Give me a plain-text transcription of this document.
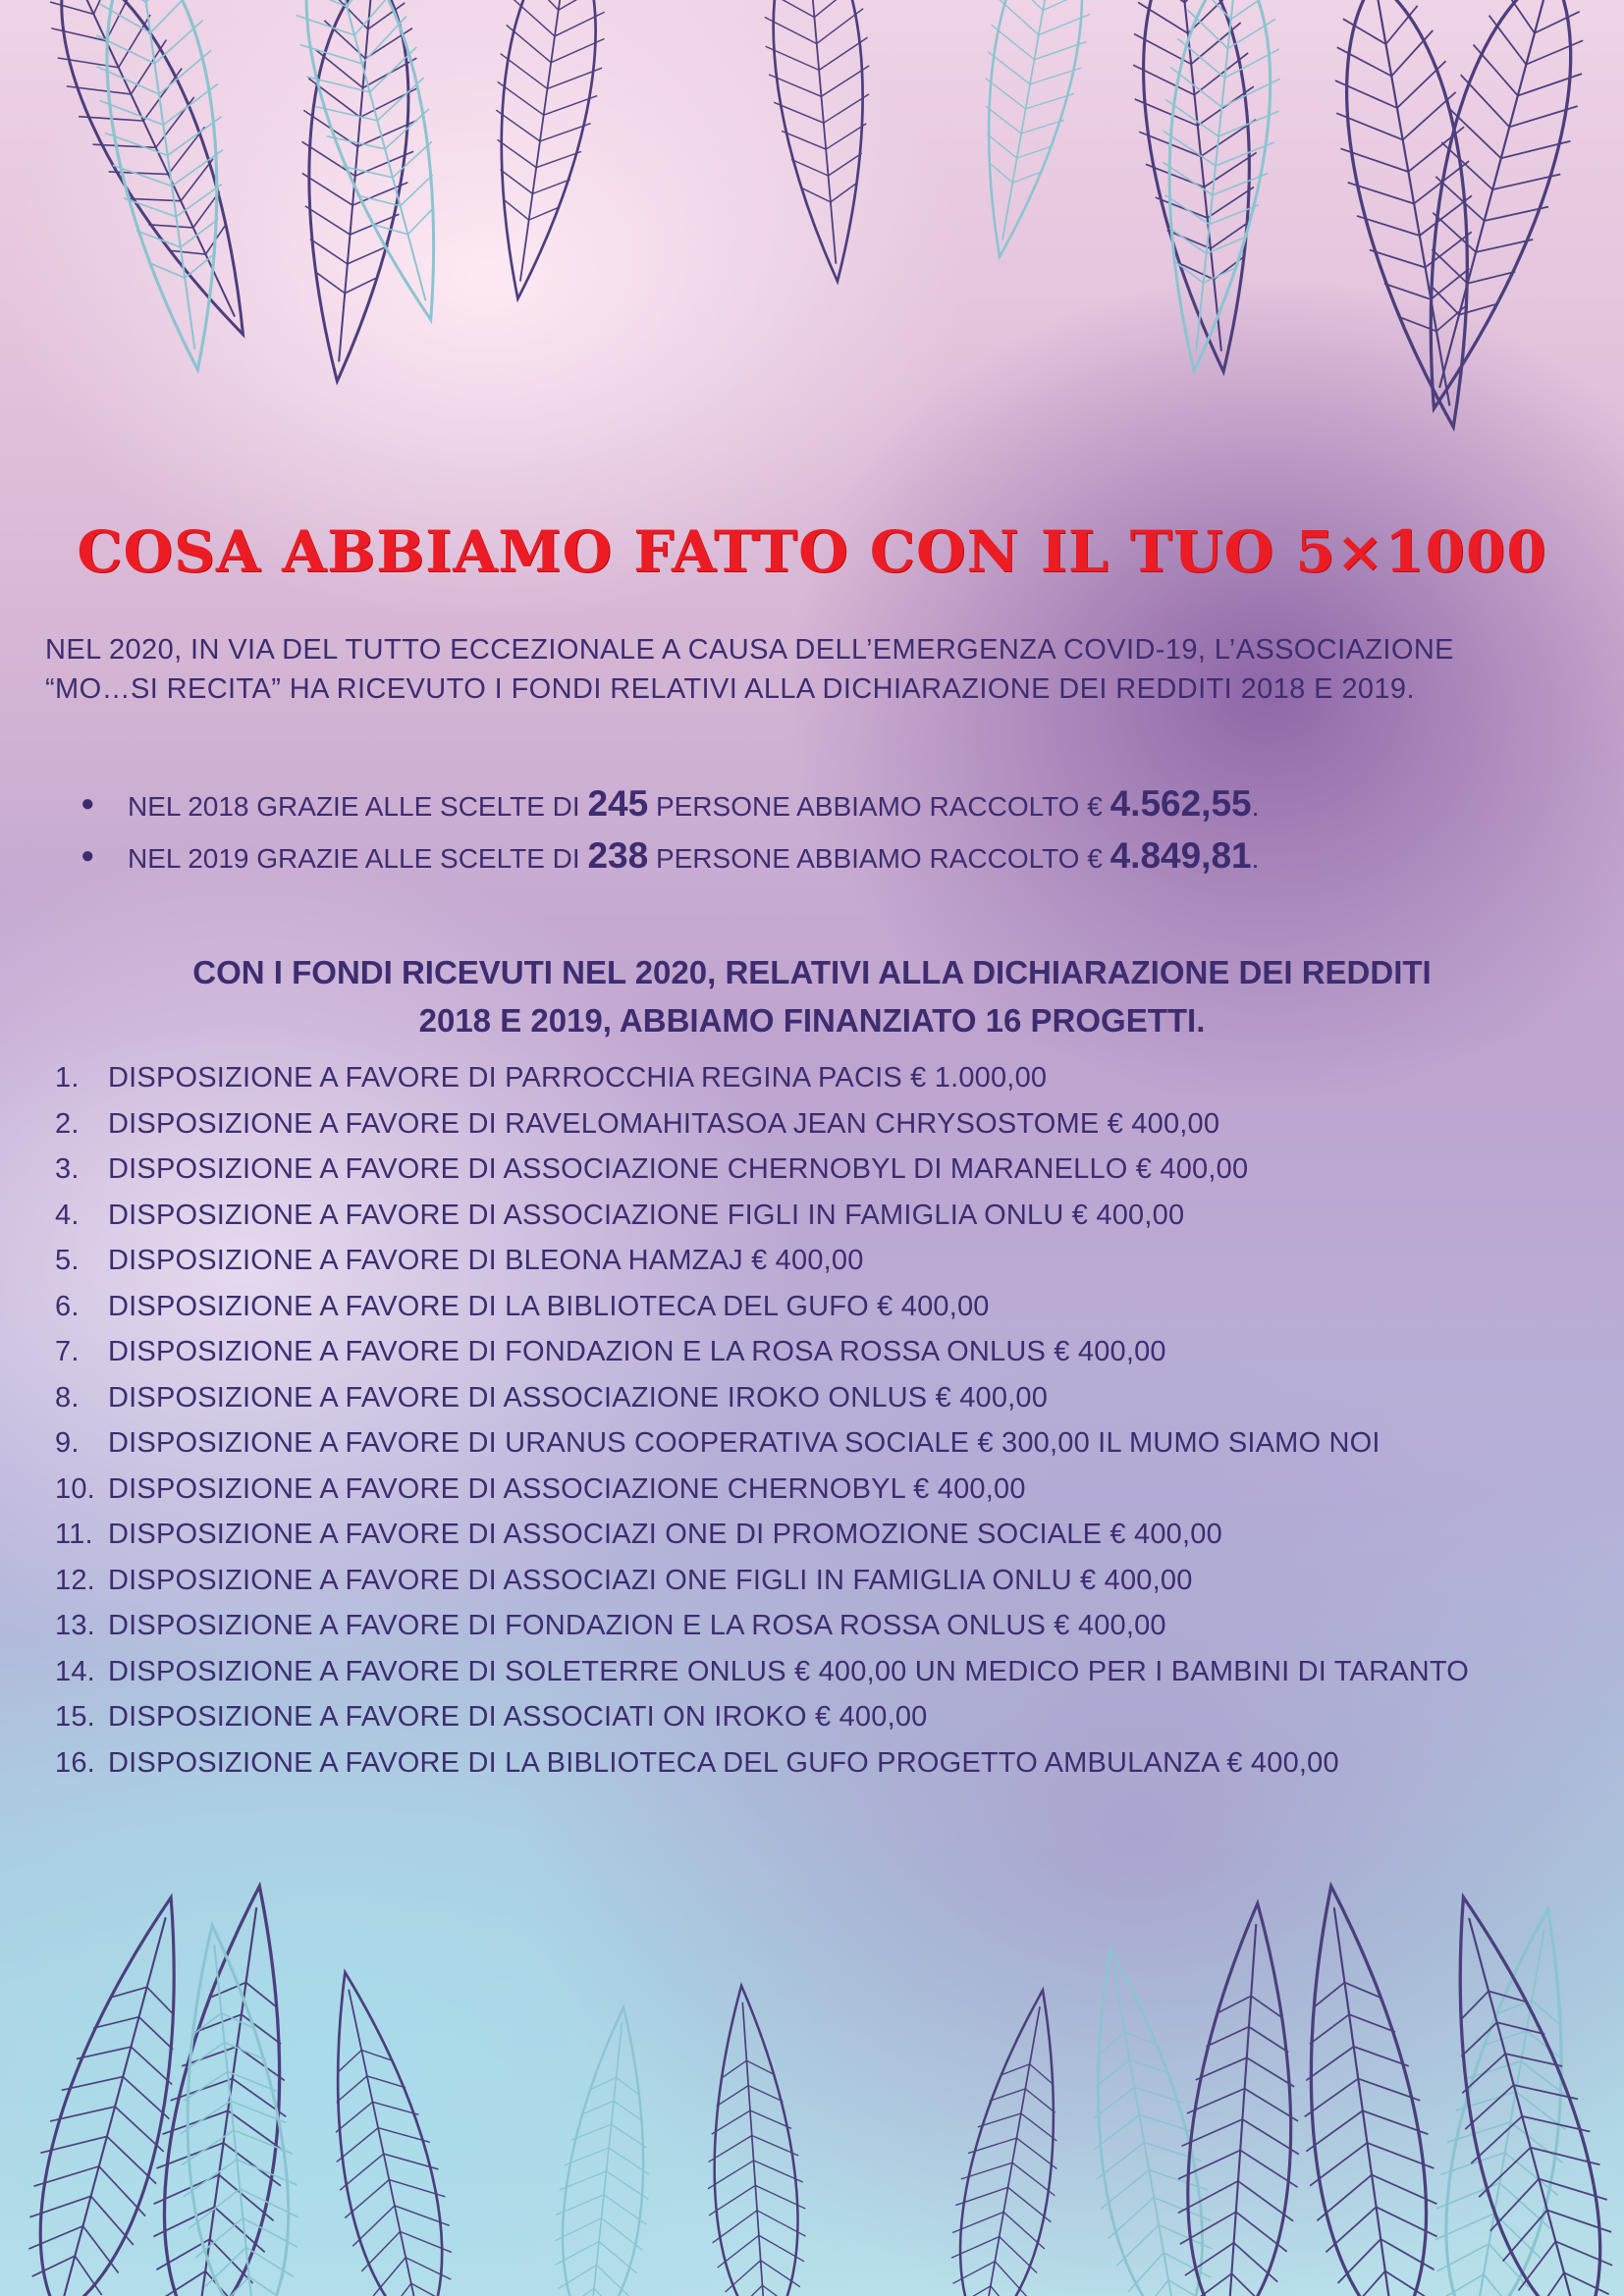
COSA ABBIAMO FATTO CON IL TUO 5×1000

NEL 2020, IN VIA DEL TUTTO ECCEZIONALE A CAUSA DELL’EMERGENZA COVID-19, L’ASSOCIAZIONE

“MO…SI RECITA” HA RICEVUTO I FONDI RELATIVI ALLA DICHIARAZIONE DEI REDDITI 2018 E 2019.

● NEL 2018 GRAZIE ALLE SCELTE DI 245 PERSONE ABBIAMO RACCOLTO € 4.562,55.
● NEL 2019 GRAZIE ALLE SCELTE DI 238 PERSONE ABBIAMO RACCOLTO € 4.849,81.

CON I FONDI RICEVUTI NEL 2020, RELATIVI ALLA DICHIARAZIONE DEI REDDITI

2018 E 2019, ABBIAMO FINANZIATO 16 PROGETTI.

1. DISPOSIZIONE A FAVORE DI PARROCCHIA REGINA PACIS € 1.000,00
2. DISPOSIZIONE A FAVORE DI RAVELOMAHITASOA JEAN CHRYSOSTOME € 400,00
3. DISPOSIZIONE A FAVORE DI ASSOCIAZIONE CHERNOBYL DI MARANELLO € 400,00
4. DISPOSIZIONE A FAVORE DI ASSOCIAZIONE FIGLI IN FAMIGLIA ONLU € 400,00
5. DISPOSIZIONE A FAVORE DI BLEONA HAMZAJ € 400,00
6. DISPOSIZIONE A FAVORE DI LA BIBLIOTECA DEL GUFO € 400,00
7. DISPOSIZIONE A FAVORE DI FONDAZION E LA ROSA ROSSA ONLUS € 400,00
8. DISPOSIZIONE A FAVORE DI ASSOCIAZIONE IROKO ONLUS € 400,00
9. DISPOSIZIONE A FAVORE DI URANUS COOPERATIVA SOCIALE € 300,00 IL MUMO SIAMO NOI
10. DISPOSIZIONE A FAVORE DI ASSOCIAZIONE CHERNOBYL € 400,00
11. DISPOSIZIONE A FAVORE DI ASSOCIAZI ONE DI PROMOZIONE SOCIALE € 400,00
12. DISPOSIZIONE A FAVORE DI ASSOCIAZI ONE FIGLI IN FAMIGLIA ONLU € 400,00
13. DISPOSIZIONE A FAVORE DI FONDAZION E LA ROSA ROSSA ONLUS € 400,00
14. DISPOSIZIONE A FAVORE DI SOLETERRE ONLUS € 400,00 UN MEDICO PER I BAMBINI DI TARANTO
15. DISPOSIZIONE A FAVORE DI ASSOCIATI ON IROKO € 400,00
16. DISPOSIZIONE A FAVORE DI LA BIBLIOTECA DEL GUFO PROGETTO AMBULANZA € 400,00
